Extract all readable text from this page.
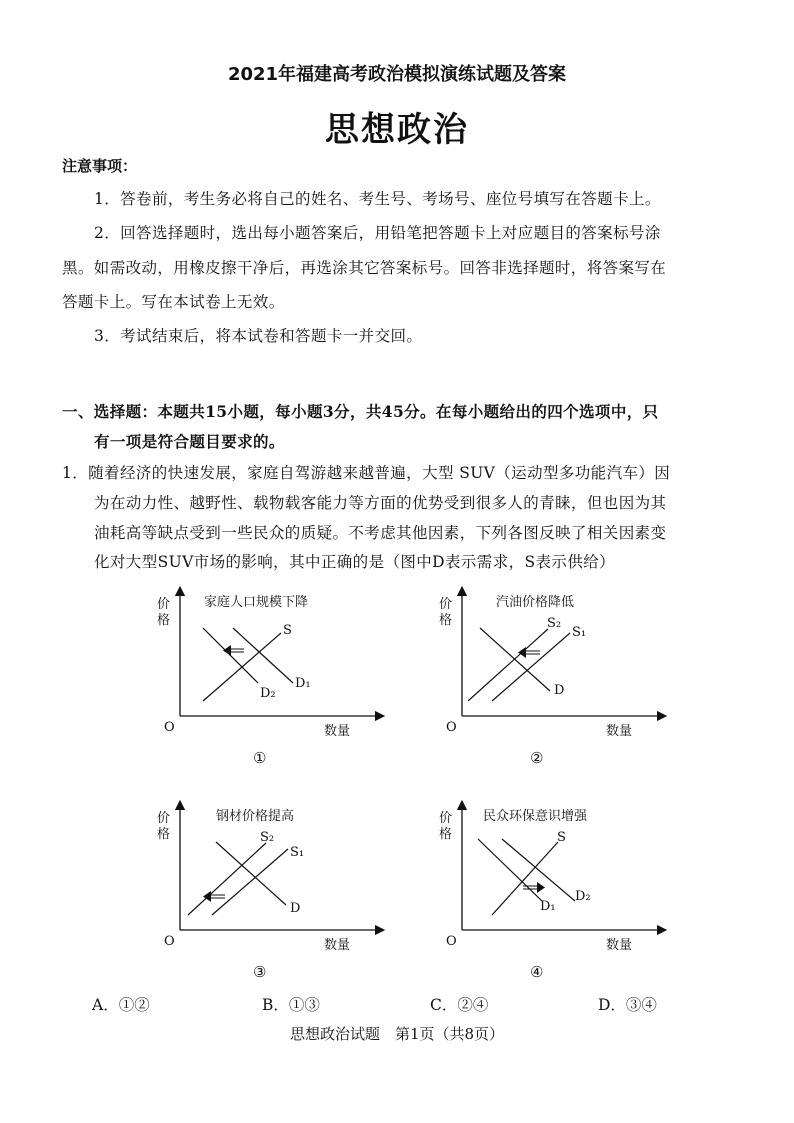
2021年福建高考政治模拟演练试题及答案
思想政治
注意事项：
1．答卷前，考生务必将自己的姓名、考生号、考场号、座位号填写在答题卡上。
2．回答选择题时，选出每小题答案后，用铅笔把答题卡上对应题目的答案标号涂
黑。如需改动，用橡皮擦干净后，再选涂其它答案标号。回答非选择题时，将答案写在
答题卡上。写在本试卷上无效。
3．考试结束后，将本试卷和答题卡一并交回。
一、选择题：本题共15小题，每小题3分，共45分。在每小题给出的四个选项中，只
有一项是符合题目要求的。
1．随着经济的快速发展，家庭自驾游越来越普遍，大型 SUV（运动型多功能汽车）因
为在动力性、越野性、载物载客能力等方面的优势受到很多人的青睐，但也因为其
油耗高等缺点受到一些民众的质疑。不考虑其他因素，下列各图反映了相关因素变
化对大型SUV市场的影响，其中正确的是（图中D表示需求，S表示供给）
价
格
家庭人口规模下降
S
D₁
D₂
O	数量
①
价
格
汽油价格降低
S₂
S₁
D
O	数量
②
价
格
钢材价格提高
S₂
S₁
D
O	数量
③
价
格
民众环保意识增强
S
D₁
D₂
O	数量
④
A．①②	B．①③	C．②④	D．③④
思想政治试题　第1页（共8页）
